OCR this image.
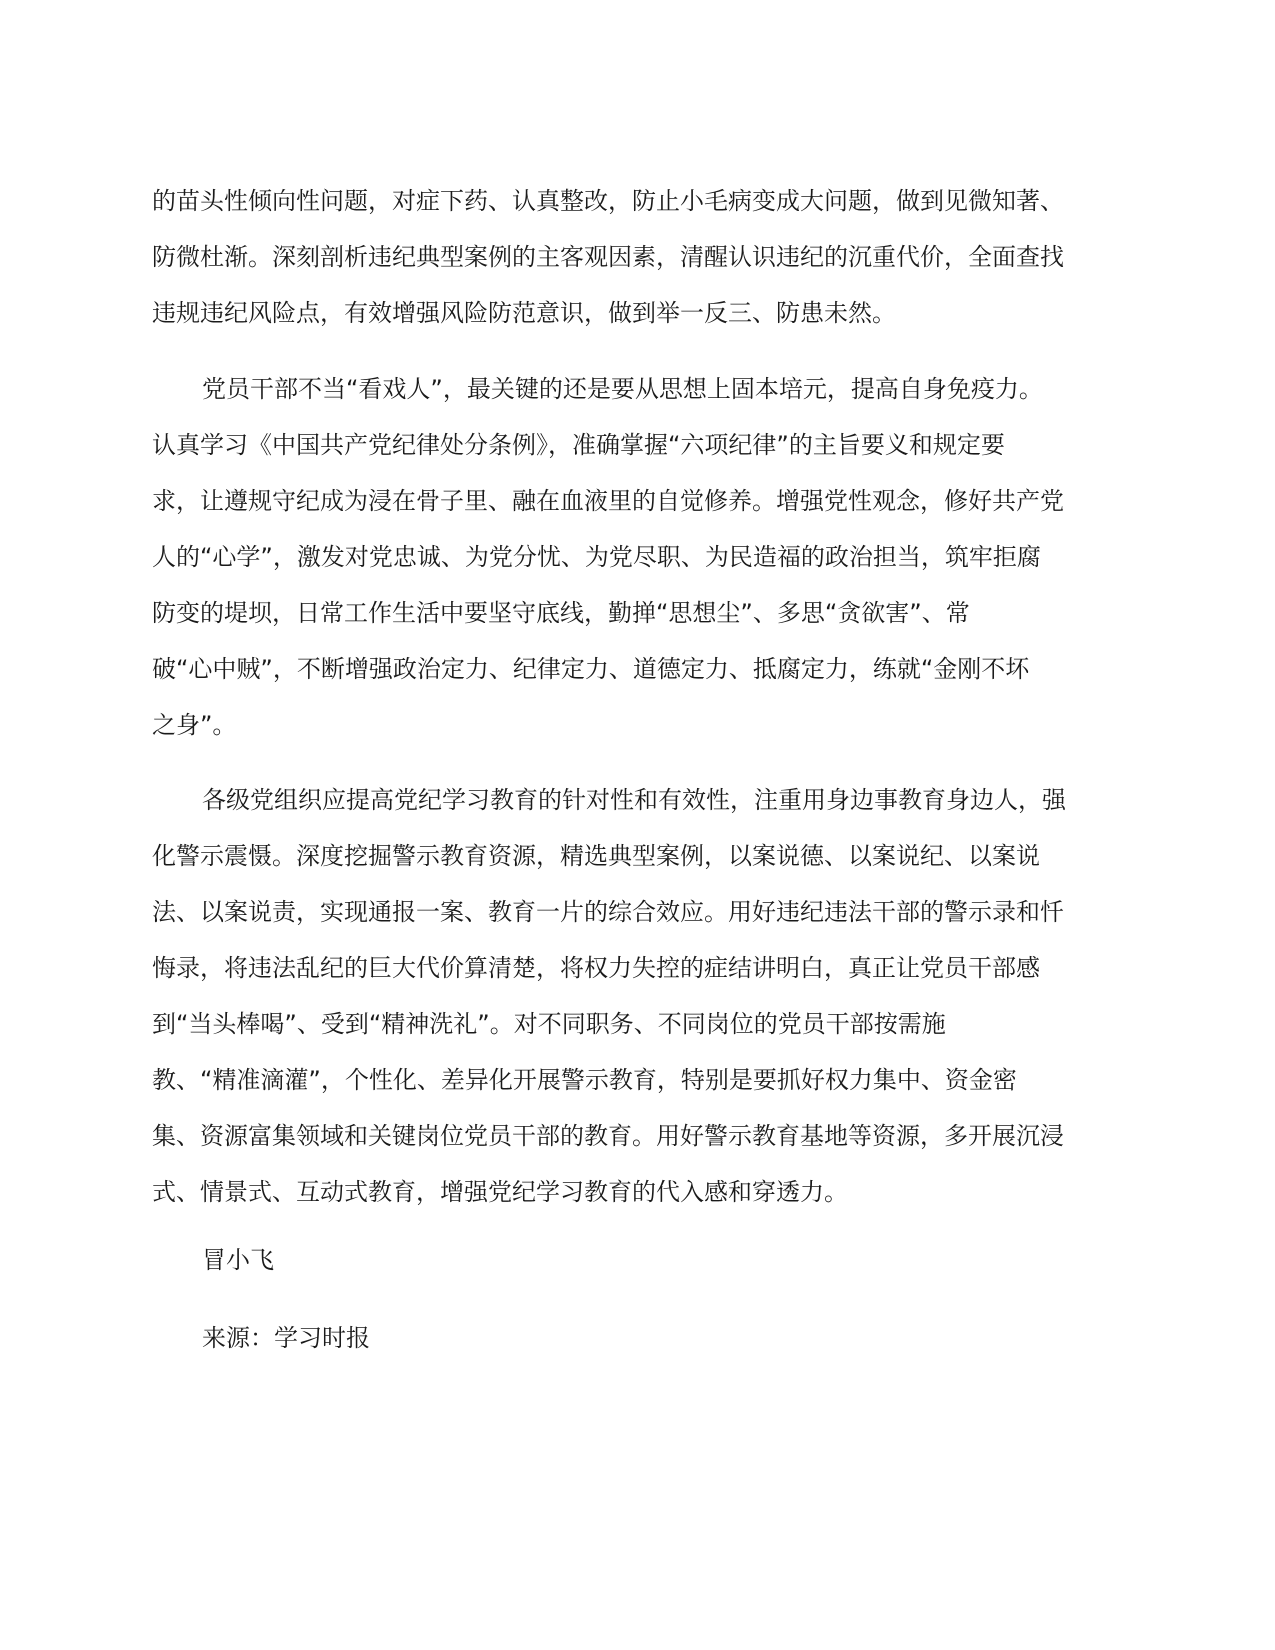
的苗头性倾向性问题，对症下药、认真整改，防止小毛病变成大问题，做到见微知著、
防微杜渐。深刻剖析违纪典型案例的主客观因素，清醒认识违纪的沉重代价，全面查找
违规违纪风险点，有效增强风险防范意识，做到举一反三、防患未然。
党员干部不当“看戏人”，最关键的还是要从思想上固本培元，提高自身免疫力。
认真学习《中国共产党纪律处分条例》，准确掌握“六项纪律”的主旨要义和规定要
求，让遵规守纪成为浸在骨子里、融在血液里的自觉修养。增强党性观念，修好共产党
人的“心学”，激发对党忠诚、为党分忧、为党尽职、为民造福的政治担当，筑牢拒腐
防变的堤坝，日常工作生活中要坚守底线，勤掸“思想尘”、多思“贪欲害”、常
破“心中贼”，不断增强政治定力、纪律定力、道德定力、抵腐定力，练就“金刚不坏
之身”。
各级党组织应提高党纪学习教育的针对性和有效性，注重用身边事教育身边人，强
化警示震慑。深度挖掘警示教育资源，精选典型案例，以案说德、以案说纪、以案说
法、以案说责，实现通报一案、教育一片的综合效应。用好违纪违法干部的警示录和忏
悔录，将违法乱纪的巨大代价算清楚，将权力失控的症结讲明白，真正让党员干部感
到“当头棒喝”、受到“精神洗礼”。对不同职务、不同岗位的党员干部按需施
教、“精准滴灌”，个性化、差异化开展警示教育，特别是要抓好权力集中、资金密
集、资源富集领域和关键岗位党员干部的教育。用好警示教育基地等资源，多开展沉浸
式、情景式、互动式教育，增强党纪学习教育的代入感和穿透力。
冒小飞
来源：学习时报
